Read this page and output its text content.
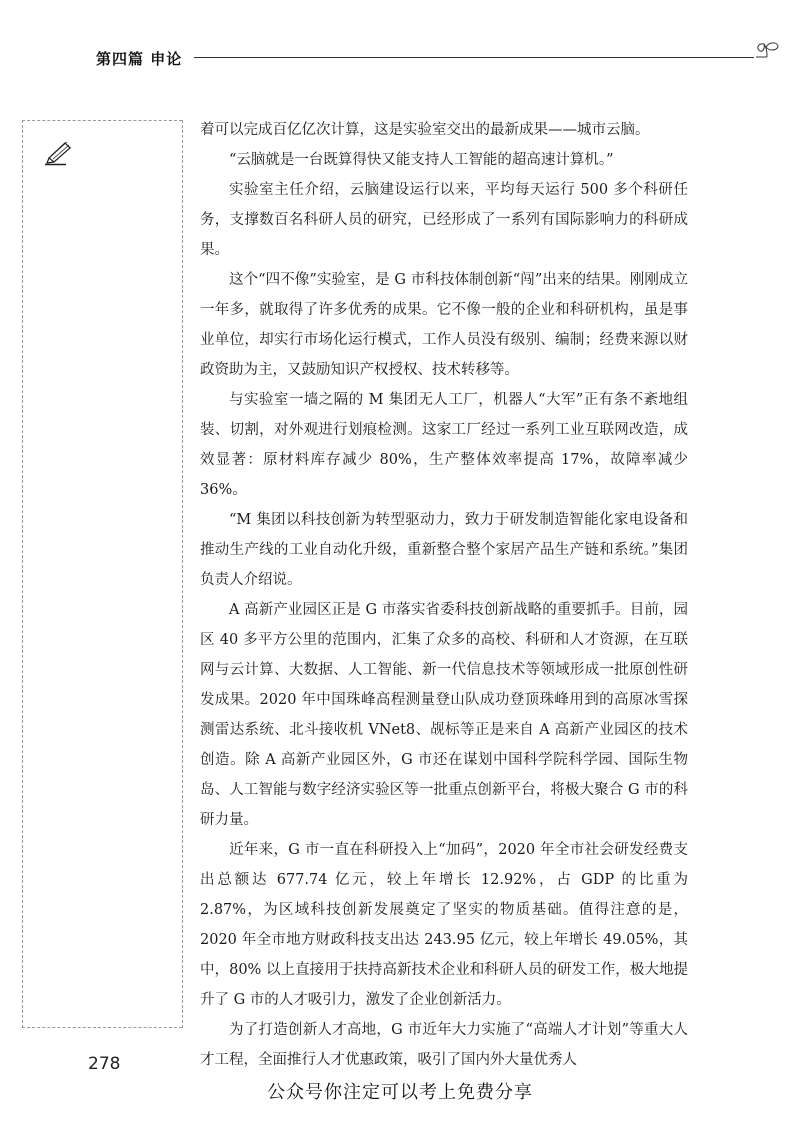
第四篇 申论

着可以完成百亿亿次计算，这是实验室交出的最新成果——城市云脑。

“云脑就是一台既算得快又能支持人工智能的超高速计算机。”

实验室主任介绍，云脑建设运行以来，平均每天运行 500 多个科研任务，支撑数百名科研人员的研究，已经形成了一系列有国际影响力的科研成果。

这个“四不像”实验室，是 G 市科技体制创新“闯”出来的结果。刚刚成立一年多，就取得了许多优秀的成果。它不像一般的企业和科研机构，虽是事业单位，却实行市场化运行模式，工作人员没有级别、编制；经费来源以财政资助为主，又鼓励知识产权授权、技术转移等。

与实验室一墙之隔的 M 集团无人工厂，机器人“大军”正有条不紊地组装、切割，对外观进行划痕检测。这家工厂经过一系列工业互联网改造，成效显著：原材料库存减少 80%，生产整体效率提高 17%，故障率减少 36%。

“M 集团以科技创新为转型驱动力，致力于研发制造智能化家电设备和推动生产线的工业自动化升级，重新整合整个家居产品生产链和系统。”集团负责人介绍说。

A 高新产业园区正是 G 市落实省委科技创新战略的重要抓手。目前，园区 40 多平方公里的范围内，汇集了众多的高校、科研和人才资源，在互联网与云计算、大数据、人工智能、新一代信息技术等领域形成一批原创性研发成果。2020 年中国珠峰高程测量登山队成功登顶珠峰用到的高原冰雪探测雷达系统、北斗接收机 VNet8、觇标等正是来自 A 高新产业园区的技术创造。除 A 高新产业园区外，G 市还在谋划中国科学院科学园、国际生物岛、人工智能与数字经济实验区等一批重点创新平台，将极大聚合 G 市的科研力量。

近年来，G 市一直在科研投入上“加码”，2020 年全市社会研发经费支出总额达 677.74 亿元，较上年增长 12.92%，占 GDP 的比重为 2.87%，为区域科技创新发展奠定了坚实的物质基础。值得注意的是，2020 年全市地方财政科技支出达 243.95 亿元，较上年增长 49.05%，其中，80% 以上直接用于扶持高新技术企业和科研人员的研发工作，极大地提升了 G 市的人才吸引力，激发了企业创新活力。

为了打造创新人才高地，G 市近年大力实施了“高端人才计划”等重大人才工程，全面推行人才优惠政策，吸引了国内外大量优秀人

278
公众号你注定可以考上免费分享
